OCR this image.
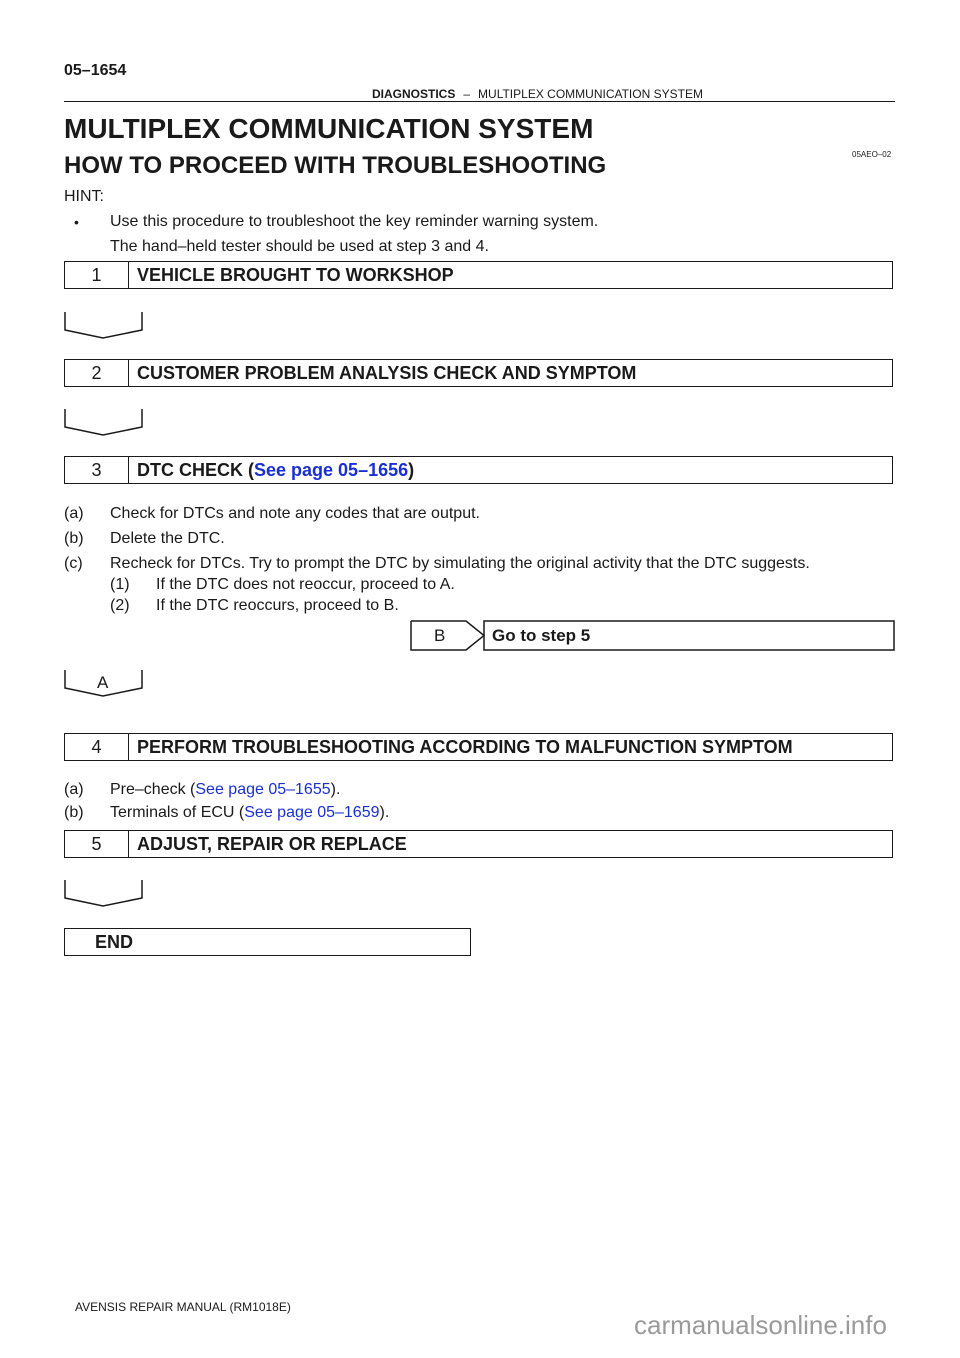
05–1654
DIAGNOSTICS – MULTIPLEX COMMUNICATION SYSTEM
MULTIPLEX COMMUNICATION SYSTEM
05AEO–02
HOW TO PROCEED WITH TROUBLESHOOTING
HINT:
• Use this procedure to troubleshoot the key reminder warning system.
The hand–held tester should be used at step 3 and 4.
1	VEHICLE BROUGHT TO WORKSHOP
2	CUSTOMER PROBLEM ANALYSIS CHECK AND SYMPTOM
3	DTC CHECK (See page 05–1656)
(a) Check for DTCs and note any codes that are output.
(b) Delete the DTC.
(c) Recheck for DTCs. Try to prompt the DTC by simulating the original activity that the DTC suggests.
(1) If the DTC does not reoccur, proceed to A.
(2) If the DTC reoccurs, proceed to B.
B	Go to step 5
A
4	PERFORM TROUBLESHOOTING ACCORDING TO MALFUNCTION SYMPTOM
(a) Pre–check (See page 05–1655).
(b) Terminals of ECU (See page 05–1659).
5	ADJUST, REPAIR OR REPLACE
END
AVENSIS REPAIR MANUAL (RM1018E)
carmanualsonline.info
